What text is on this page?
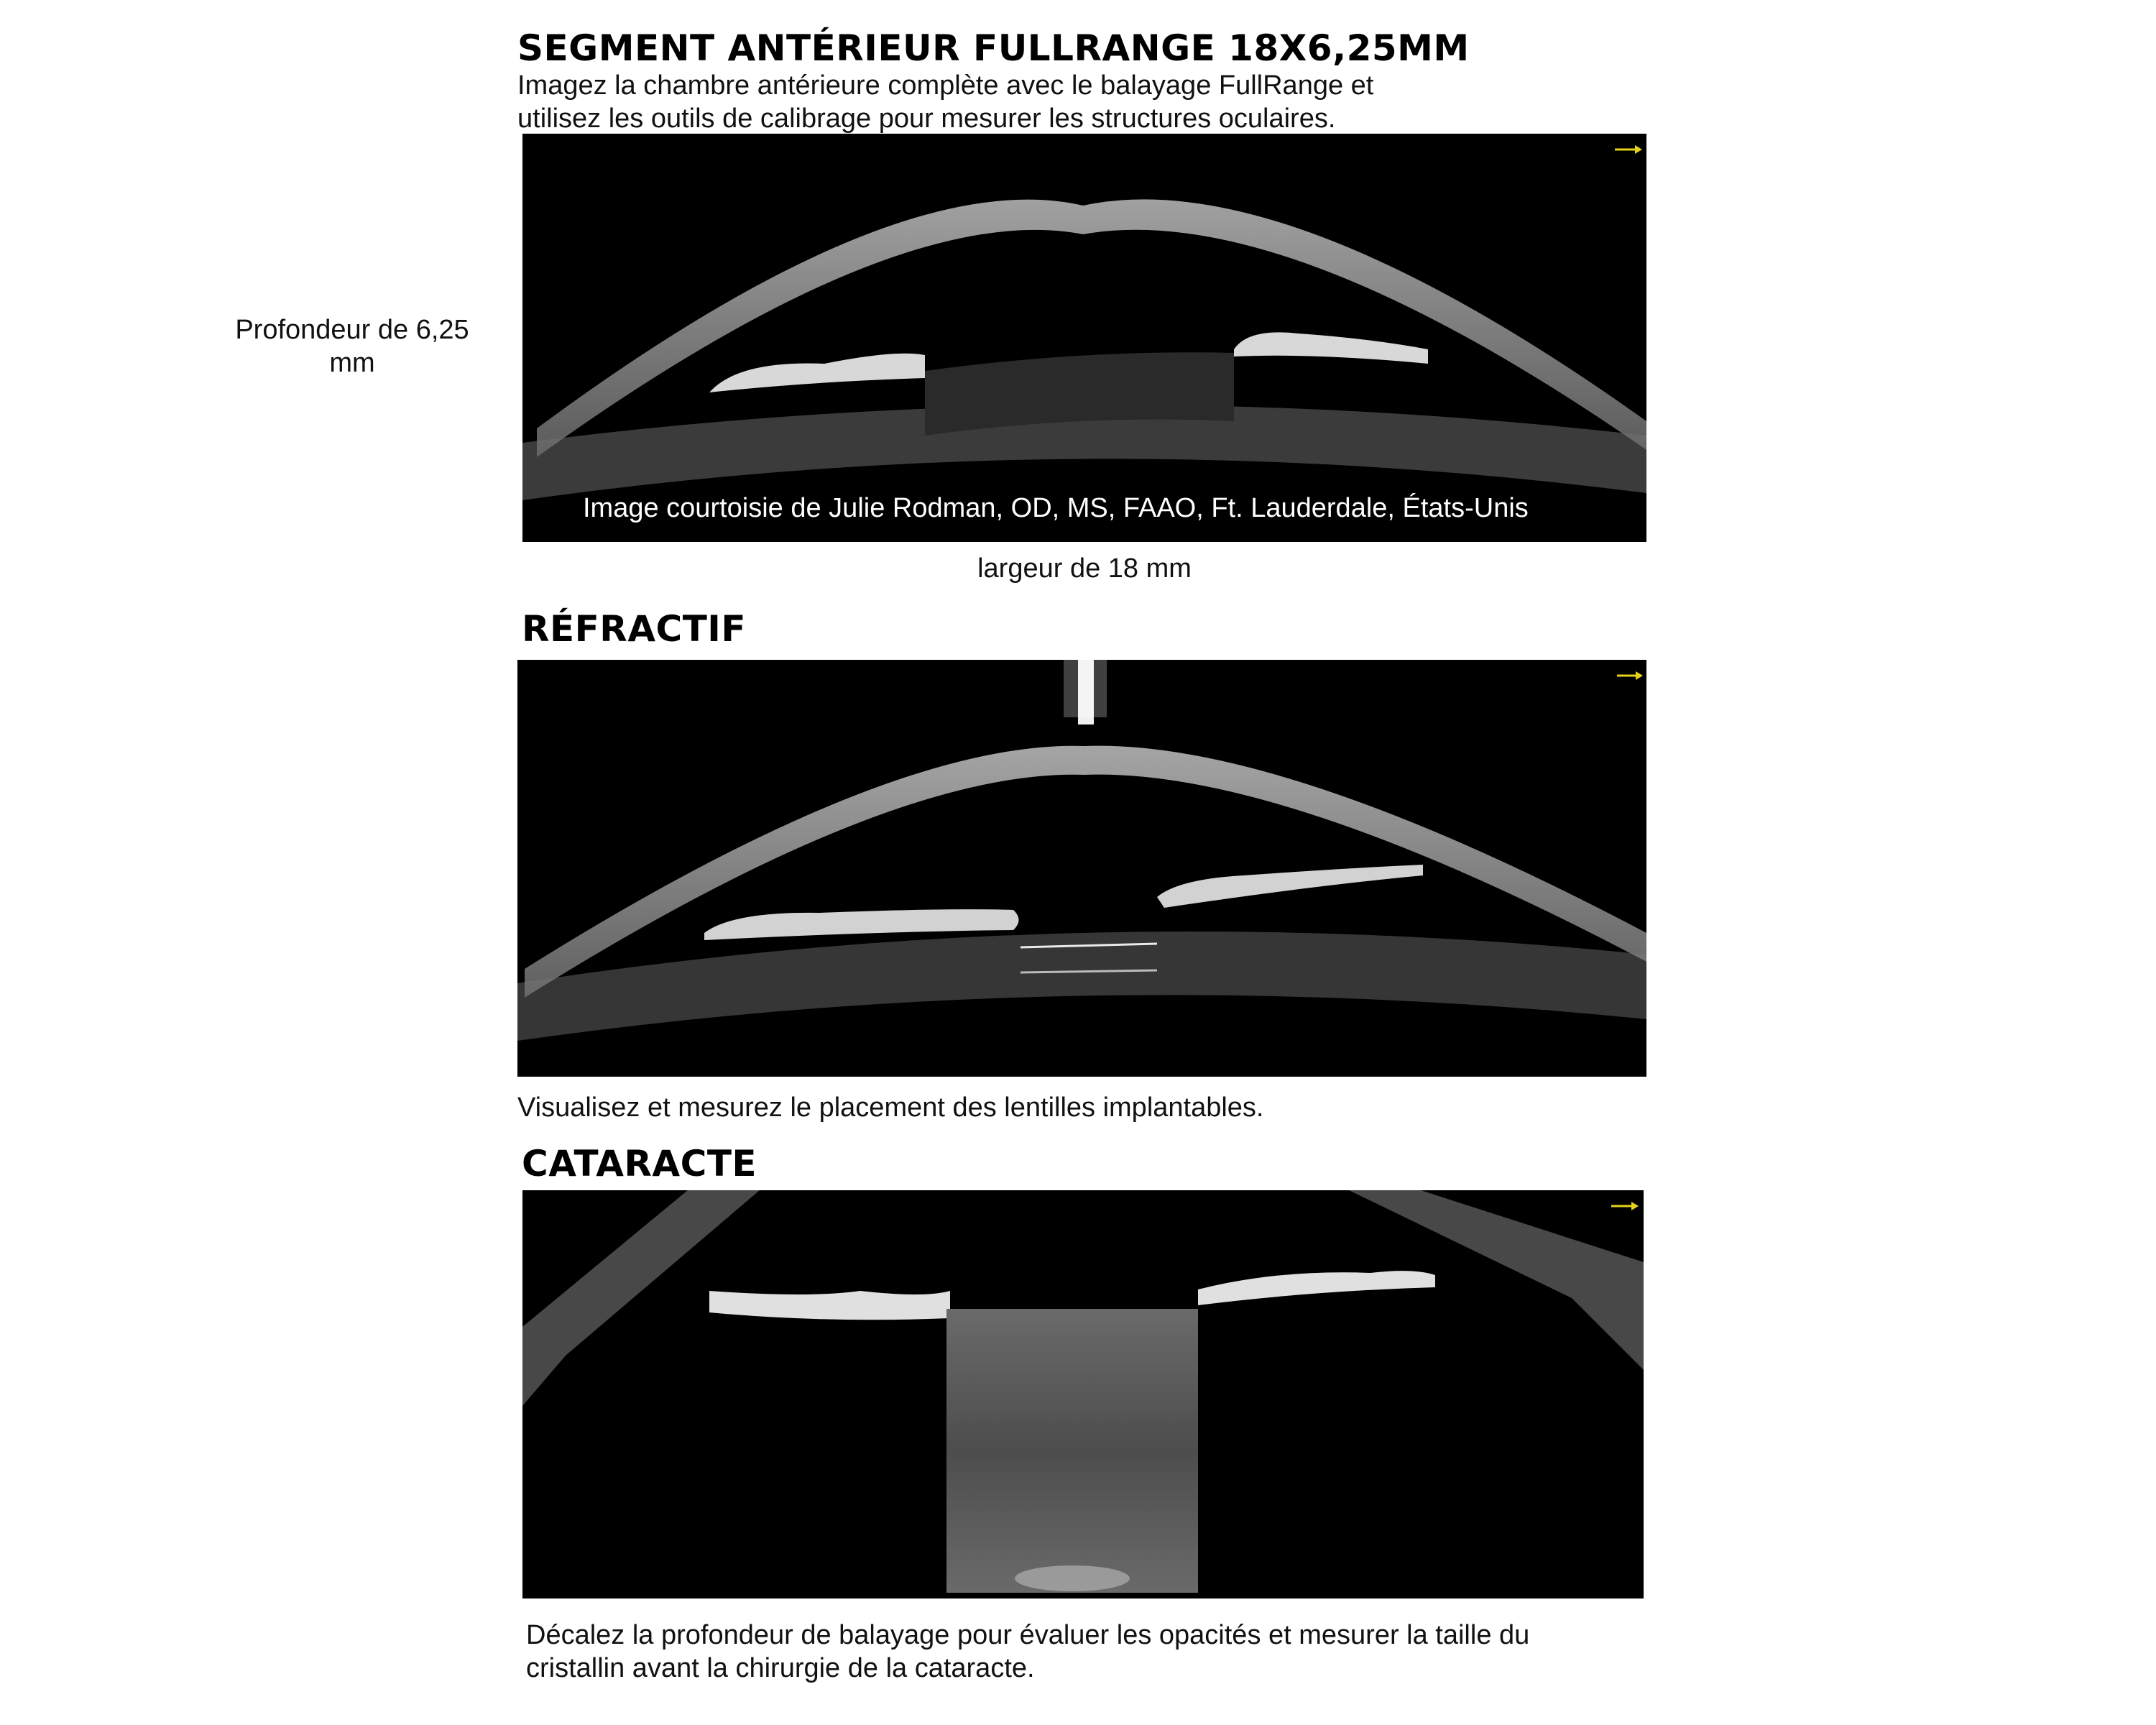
SEGMENT ANTÉRIEUR FULLRANGE 18X6,25MM
Imagez la chambre antérieure complète avec le balayage FullRange et
utilisez les outils de calibrage pour mesurer les structures oculaires.
Profondeur de 6,25
mm
Image courtoisie de Julie Rodman, OD, MS, FAAO, Ft. Lauderdale, États-Unis
largeur de 18 mm
RÉFRACTIF
Visualisez et mesurez le placement des lentilles implantables.
CATARACTE
Décalez la profondeur de balayage pour évaluer les opacités et mesurer la taille du
cristallin avant la chirurgie de la cataracte.
